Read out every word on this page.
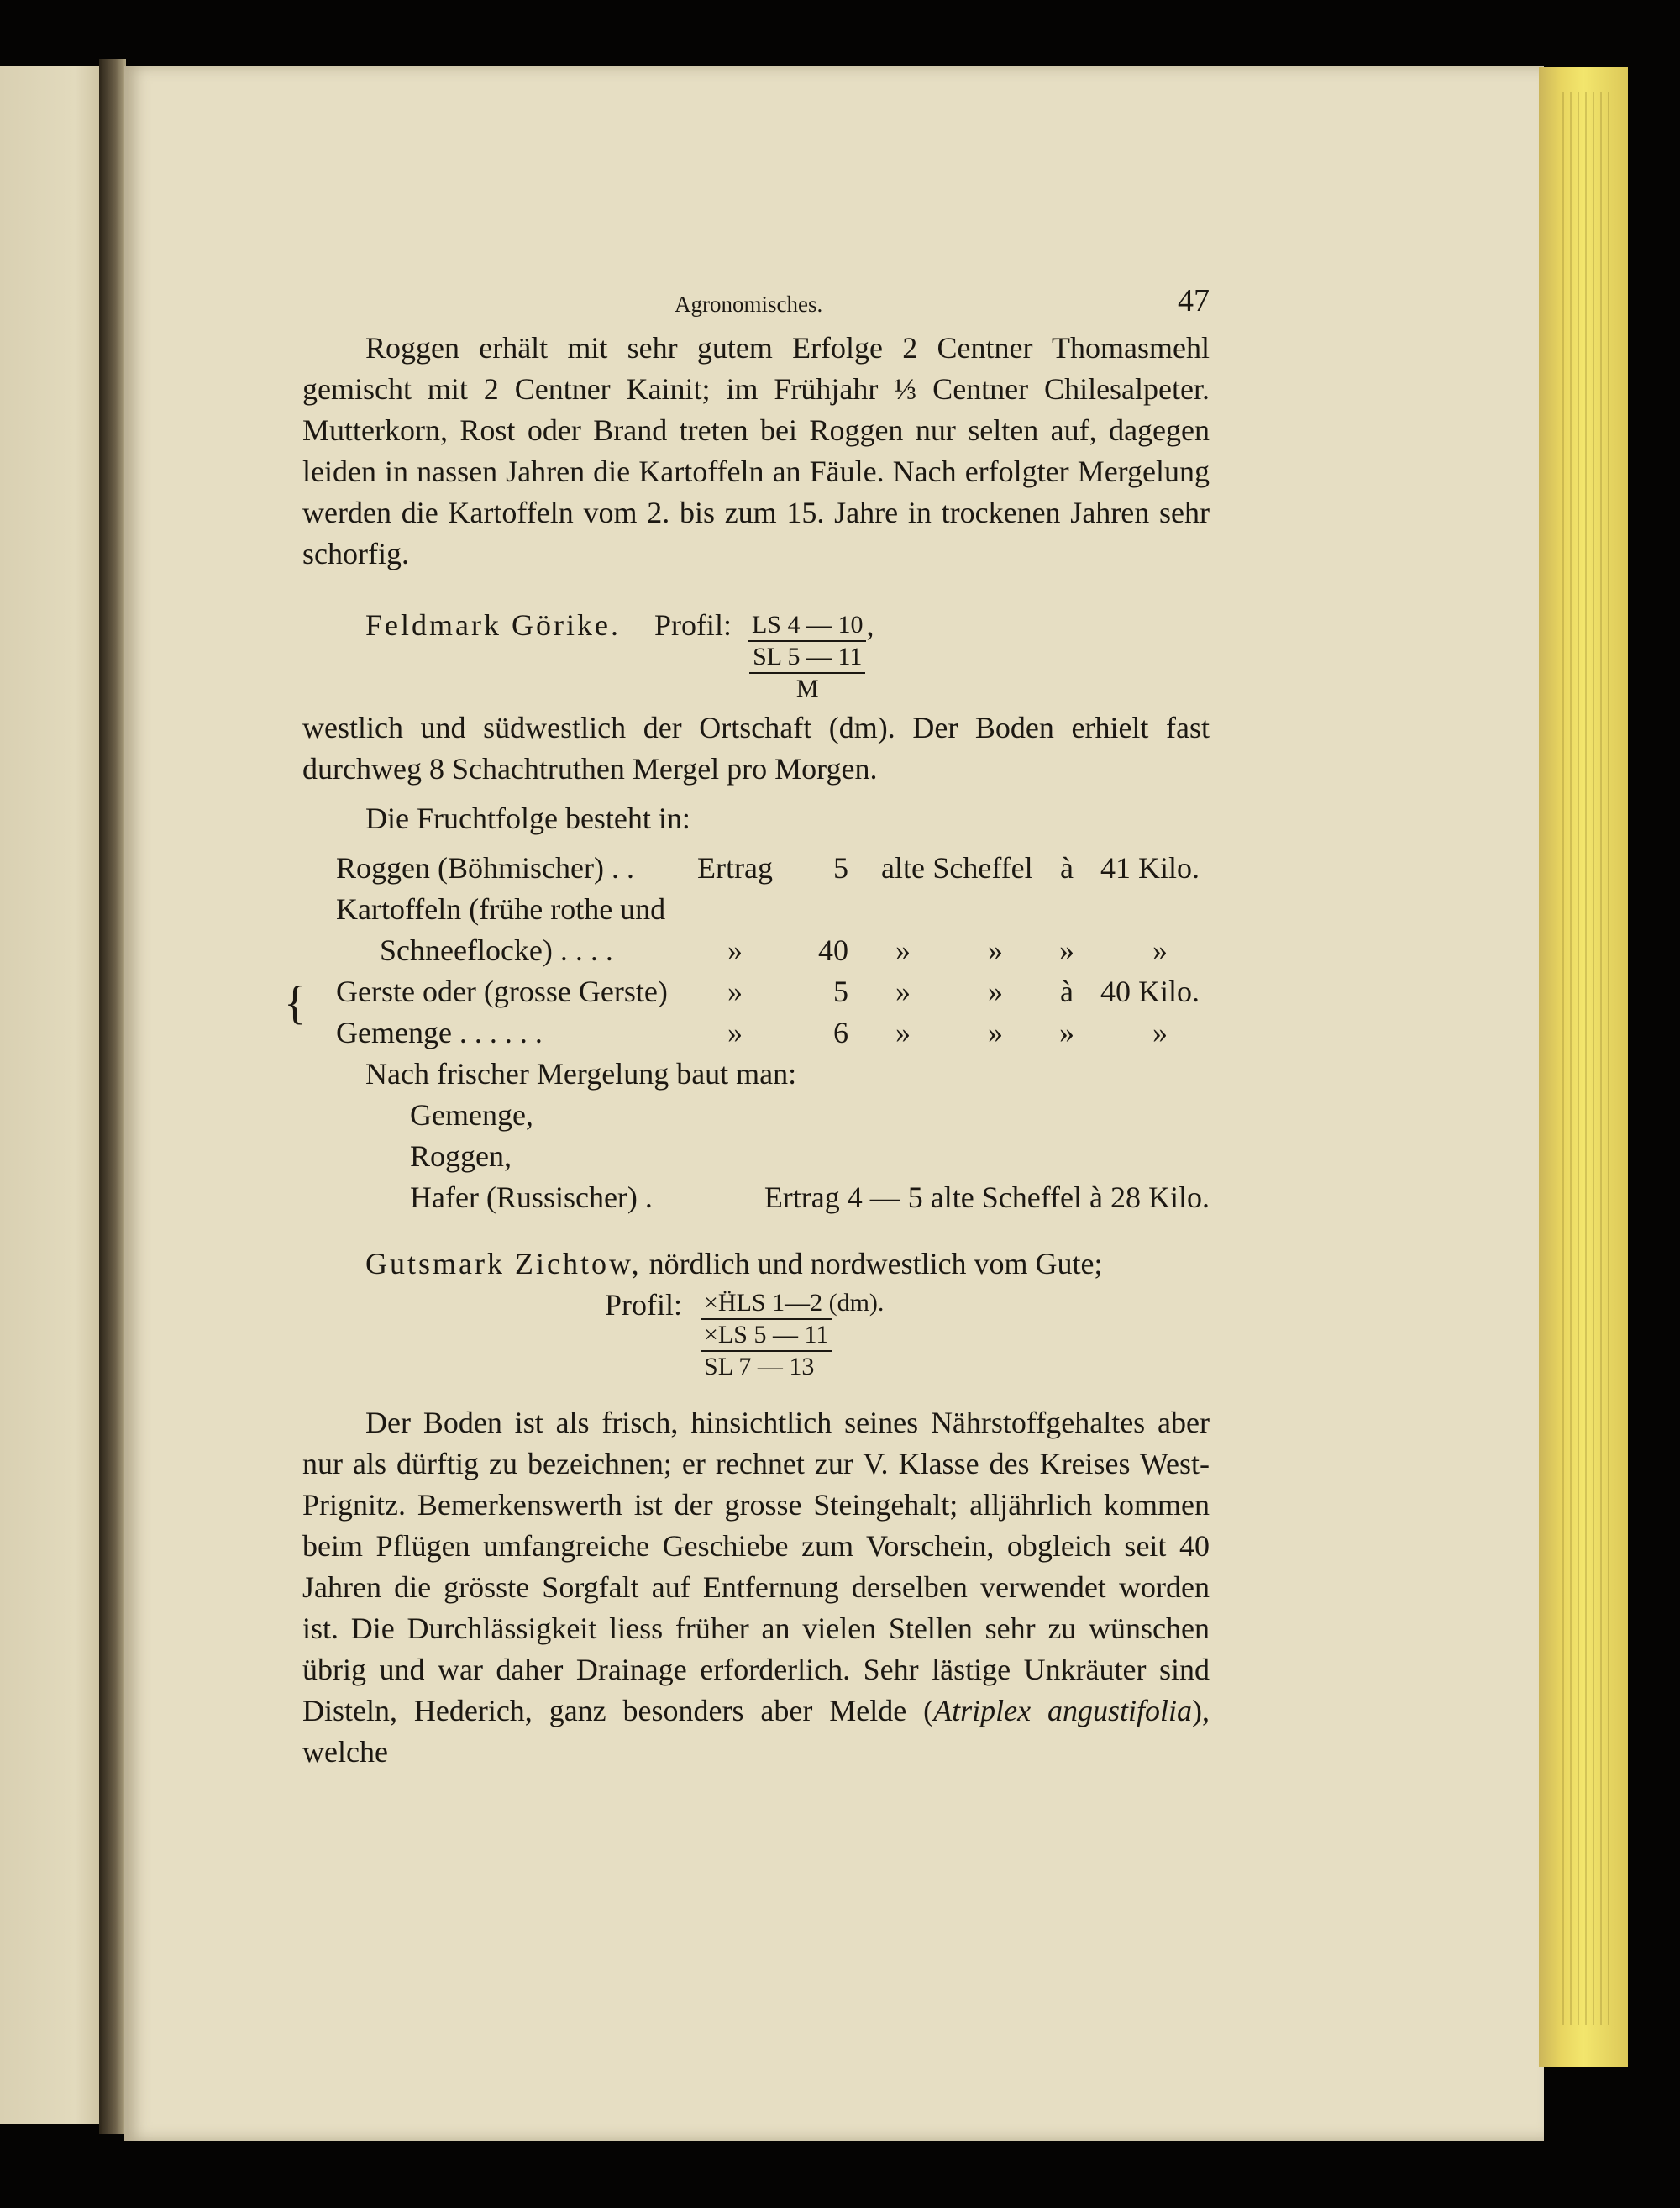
Agronomisches.	47

Roggen erhält mit sehr gutem Erfolge 2 Centner Thomasmehl gemischt mit 2 Centner Kainit; im Frühjahr ⅓ Centner Chilesalpeter. Mutterkorn, Rost oder Brand treten bei Roggen nur selten auf, dagegen leiden in nassen Jahren die Kartoffeln an Fäule. Nach erfolgter Mergelung werden die Kartoffeln vom 2. bis zum 15. Jahre in trockenen Jahren sehr schorfig.

Feldmark Görike. Profil: LS 4 — 10
SL 5 — 11
M
,

westlich und südwestlich der Ortschaft (dm). Der Boden erhielt fast durchweg 8 Schachtruthen Mergel pro Morgen.

Die Fruchtfolge besteht in:

{
Roggen (Böhmischer) . .	Ertrag	5	alte Scheffel à 41 Kilo.
Kartoffeln (frühe rothe und
Schneeflocke) . . . .	»	40	»	»	»	»
Gerste oder (grosse Gerste)	»	5	»	»	à 40 Kilo.
Gemenge . . . . . .	»	6	»	»	»	»
Nach frischer Mergelung baut man:
Gemenge,
Roggen,
Hafer (Russischer) .	Ertrag 4 — 5 alte Scheffel à 28 Kilo.

Gutsmark Zichtow, nördlich und nordwestlich vom Gute;

Profil: ×ḦLS 1—2 (dm).
×LS 5 — 11
SL 7 — 13

Der Boden ist als frisch, hinsichtlich seines Nährstoffgehaltes aber nur als dürftig zu bezeichnen; er rechnet zur V. Klasse des Kreises West-Prignitz. Bemerkenswerth ist der grosse Steingehalt; alljährlich kommen beim Pflügen umfangreiche Geschiebe zum Vorschein, obgleich seit 40 Jahren die grösste Sorgfalt auf Entfernung derselben verwendet worden ist. Die Durchlässigkeit liess früher an vielen Stellen sehr zu wünschen übrig und war daher Drainage erforderlich. Sehr lästige Unkräuter sind Disteln, Hederich, ganz besonders aber Melde (Atriplex angustifolia), welche
